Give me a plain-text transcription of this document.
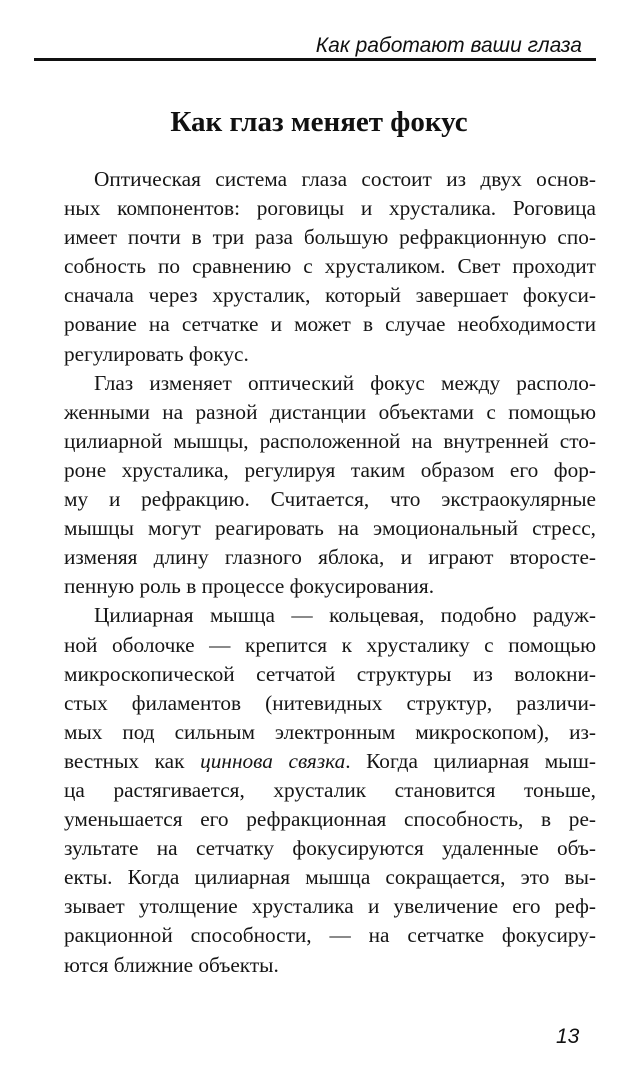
Как работают ваши глаза
Как глаз меняет фокус
Оптическая система глаза состоит из двух основ-
ных компонентов: роговицы и хрусталика. Роговица
имеет почти в три раза большую рефракционную спо-
собность по сравнению с хрусталиком. Свет проходит
сначала через хрусталик, который завершает фокуси-
рование на сетчатке и может в случае необходимости
регулировать фокус.
Глаз изменяет оптический фокус между располо-
женными на разной дистанции объектами с помощью
цилиарной мышцы, расположенной на внутренней сто-
роне хрусталика, регулируя таким образом его фор-
му и рефракцию. Считается, что экстраокулярные
мышцы могут реагировать на эмоциональный стресс,
изменяя длину глазного яблока, и играют второсте-
пенную роль в процессе фокусирования.
Цилиарная мышца — кольцевая, подобно радуж-
ной оболочке — крепится к хрусталику с помощью
микроскопической сетчатой структуры из волокни-
стых филаментов (нитевидных структур, различи-
мых под сильным электронным микроскопом), из-
вестных как циннова связка. Когда цилиарная мыш-
ца растягивается, хрусталик становится тоньше,
уменьшается его рефракционная способность, в ре-
зультате на сетчатку фокусируются удаленные объ-
екты. Когда цилиарная мышца сокращается, это вы-
зывает утолщение хрусталика и увеличение его реф-
ракционной способности, — на сетчатке фокусиру-
ются ближние объекты.
13
